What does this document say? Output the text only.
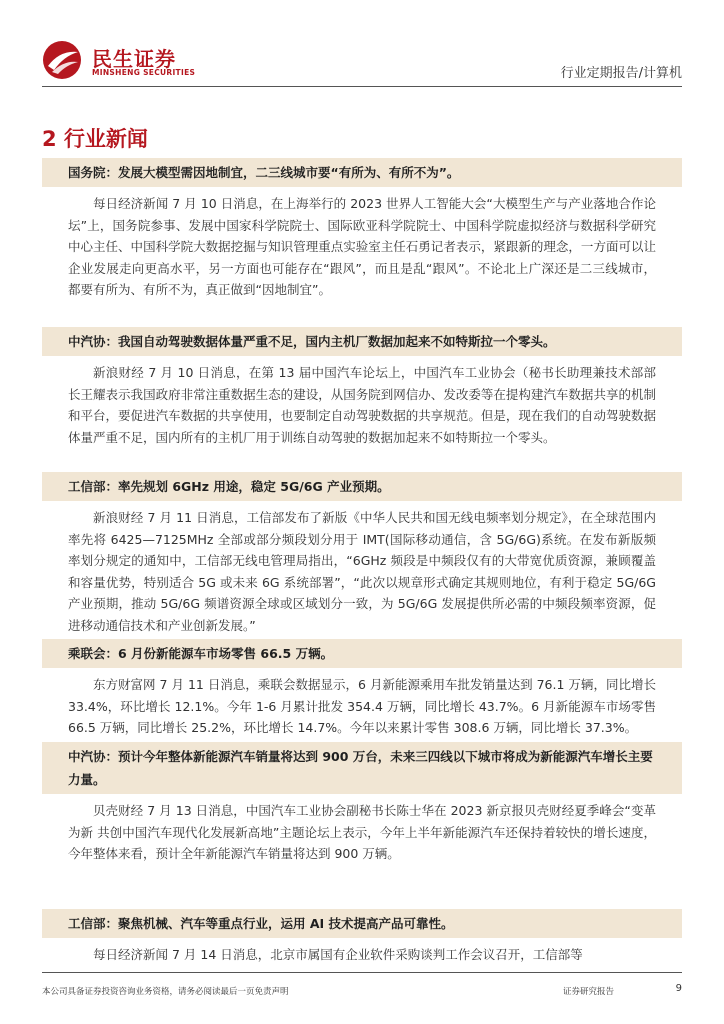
民生证券
MINSHENG SECURITIES	行业定期报告/计算机
2 行业新闻
国务院：发展大模型需因地制宜，二三线城市要“有所为、有所不为”。

每日经济新闻 7 月 10 日消息，在上海举行的 2023 世界人工智能大会“大模型生产与产业落地合作论坛”上，国务院参事、发展中国家科学院院士、国际欧亚科学院院士、中国科学院虚拟经济与数据科学研究中心主任、中国科学院大数据挖掘与知识管理重点实验室主任石勇记者表示，紧跟新的理念，一方面可以让企业发展走向更高水平，另一方面也可能存在“跟风”，而且是乱“跟风”。不论北上广深还是二三线城市，都要有所为、有所不为，真正做到“因地制宜”。

中汽协：我国自动驾驶数据体量严重不足，国内主机厂数据加起来不如特斯拉一个零头。

新浪财经 7 月 10 日消息，在第 13 届中国汽车论坛上，中国汽车工业协会（秘书长助理兼技术部部长王耀表示我国政府非常注重数据生态的建设，从国务院到网信办、发改委等在提构建汽车数据共享的机制和平台，要促进汽车数据的共享使用，也要制定自动驾驶数据的共享规范。但是，现在我们的自动驾驶数据体量严重不足，国内所有的主机厂用于训练自动驾驶的数据加起来不如特斯拉一个零头。

工信部：率先规划 6GHz 用途，稳定 5G/6G 产业预期。

新浪财经 7 月 11 日消息，工信部发布了新版《中华人民共和国无线电频率划分规定》，在全球范围内率先将 6425—7125MHz 全部或部分频段划分用于 IMT(国际移动通信，含 5G/6G)系统。在发布新版频率划分规定的通知中，工信部无线电管理局指出，“6GHz 频段是中频段仅有的大带宽优质资源，兼顾覆盖和容量优势，特别适合 5G 或未来 6G 系统部署”，“此次以规章形式确定其规则地位，有利于稳定 5G/6G 产业预期，推动 5G/6G 频谱资源全球或区域划分一致，为 5G/6G 发展提供所必需的中频段频率资源，促进移动通信技术和产业创新发展。”

乘联会：6 月份新能源车市场零售 66.5 万辆。

东方财富网 7 月 11 日消息，乘联会数据显示，6 月新能源乘用车批发销量达到 76.1 万辆，同比增长 33.4%，环比增长 12.1%。今年 1-6 月累计批发 354.4 万辆，同比增长 43.7%。6 月新能源车市场零售 66.5 万辆，同比增长 25.2%，环比增长 14.7%。今年以来累计零售 308.6 万辆，同比增长 37.3%。

中汽协：预计今年整体新能源汽车销量将达到 900 万台，未来三四线以下城市将成为新能源汽车增长主要力量。

贝壳财经 7 月 13 日消息，中国汽车工业协会副秘书长陈士华在 2023 新京报贝壳财经夏季峰会“变革为新 共创中国汽车现代化发展新高地”主题论坛上表示，今年上半年新能源汽车还保持着较快的增长速度，今年整体来看，预计全年新能源汽车销量将达到 900 万辆。

工信部：聚焦机械、汽车等重点行业，运用 AI 技术提高产品可靠性。

每日经济新闻 7 月 14 日消息，北京市属国有企业软件采购谈判工作会议召开，工信部等

本公司具备证券投资咨询业务资格，请务必阅读最后一页免责声明	证券研究报告	9
